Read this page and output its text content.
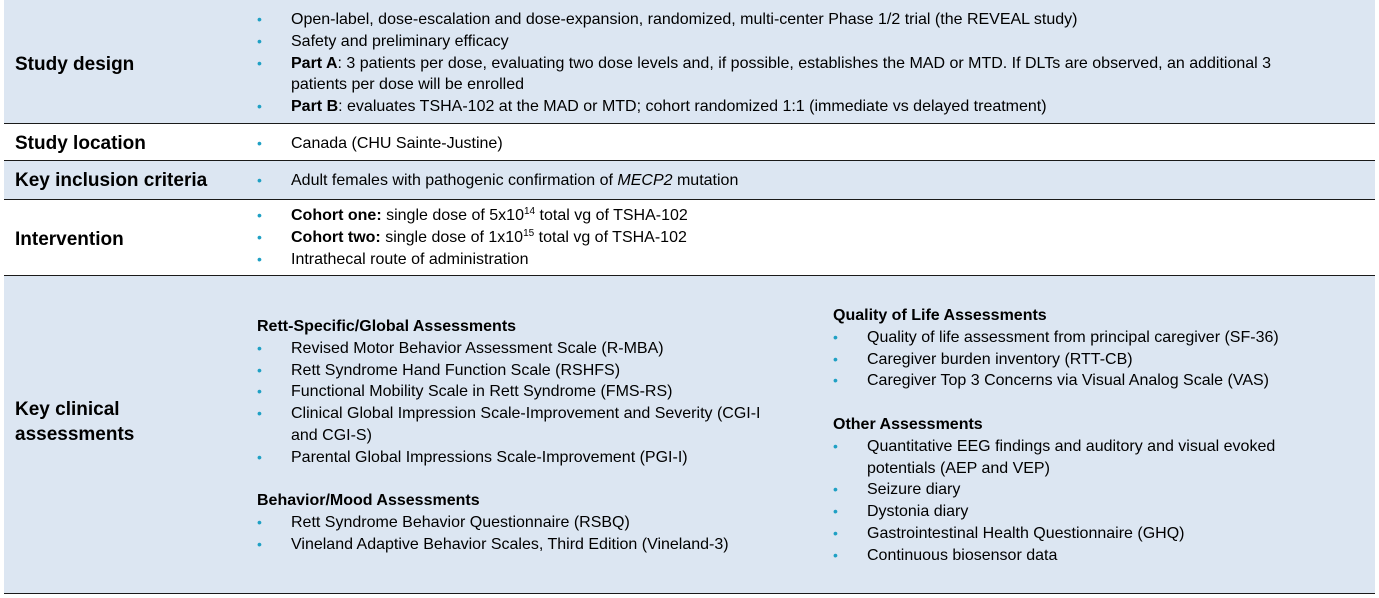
Study design
• Open-label, dose-escalation and dose-expansion, randomized, multi-center Phase 1/2 trial (the REVEAL study)
• Safety and preliminary efficacy
• Part A: 3 patients per dose, evaluating two dose levels and, if possible, establishes the MAD or MTD. If DLTs are observed, an additional 3 patients per dose will be enrolled
• Part B: evaluates TSHA-102 at the MAD or MTD; cohort randomized 1:1 (immediate vs delayed treatment)
Study location	• Canada (CHU Sainte-Justine)
Key inclusion criteria	• Adult females with pathogenic confirmation of MECP2 mutation
Intervention
• Cohort one: single dose of $5x10^{14}$ total vg of TSHA-102
• Cohort two: single dose of $1x10^{15}$ total vg of TSHA-102
• Intrathecal route of administration
Key clinical assessments
Rett-Specific/Global Assessments
• Revised Motor Behavior Assessment Scale (R-MBA)
• Rett Syndrome Hand Function Scale (RSHFS)
• Functional Mobility Scale in Rett Syndrome (FMS-RS)
• Clinical Global Impression Scale-Improvement and Severity (CGI-I and CGI-S)
• Parental Global Impressions Scale-Improvement (PGI-I)
Behavior/Mood Assessments
• Rett Syndrome Behavior Questionnaire (RSBQ)
• Vineland Adaptive Behavior Scales, Third Edition (Vineland-3)
Quality of Life Assessments
• Quality of life assessment from principal caregiver (SF-36)
• Caregiver burden inventory (RTT-CB)
• Caregiver Top 3 Concerns via Visual Analog Scale (VAS)
Other Assessments
• Quantitative EEG findings and auditory and visual evoked potentials (AEP and VEP)
• Seizure diary
• Dystonia diary
• Gastrointestinal Health Questionnaire (GHQ)
• Continuous biosensor data
